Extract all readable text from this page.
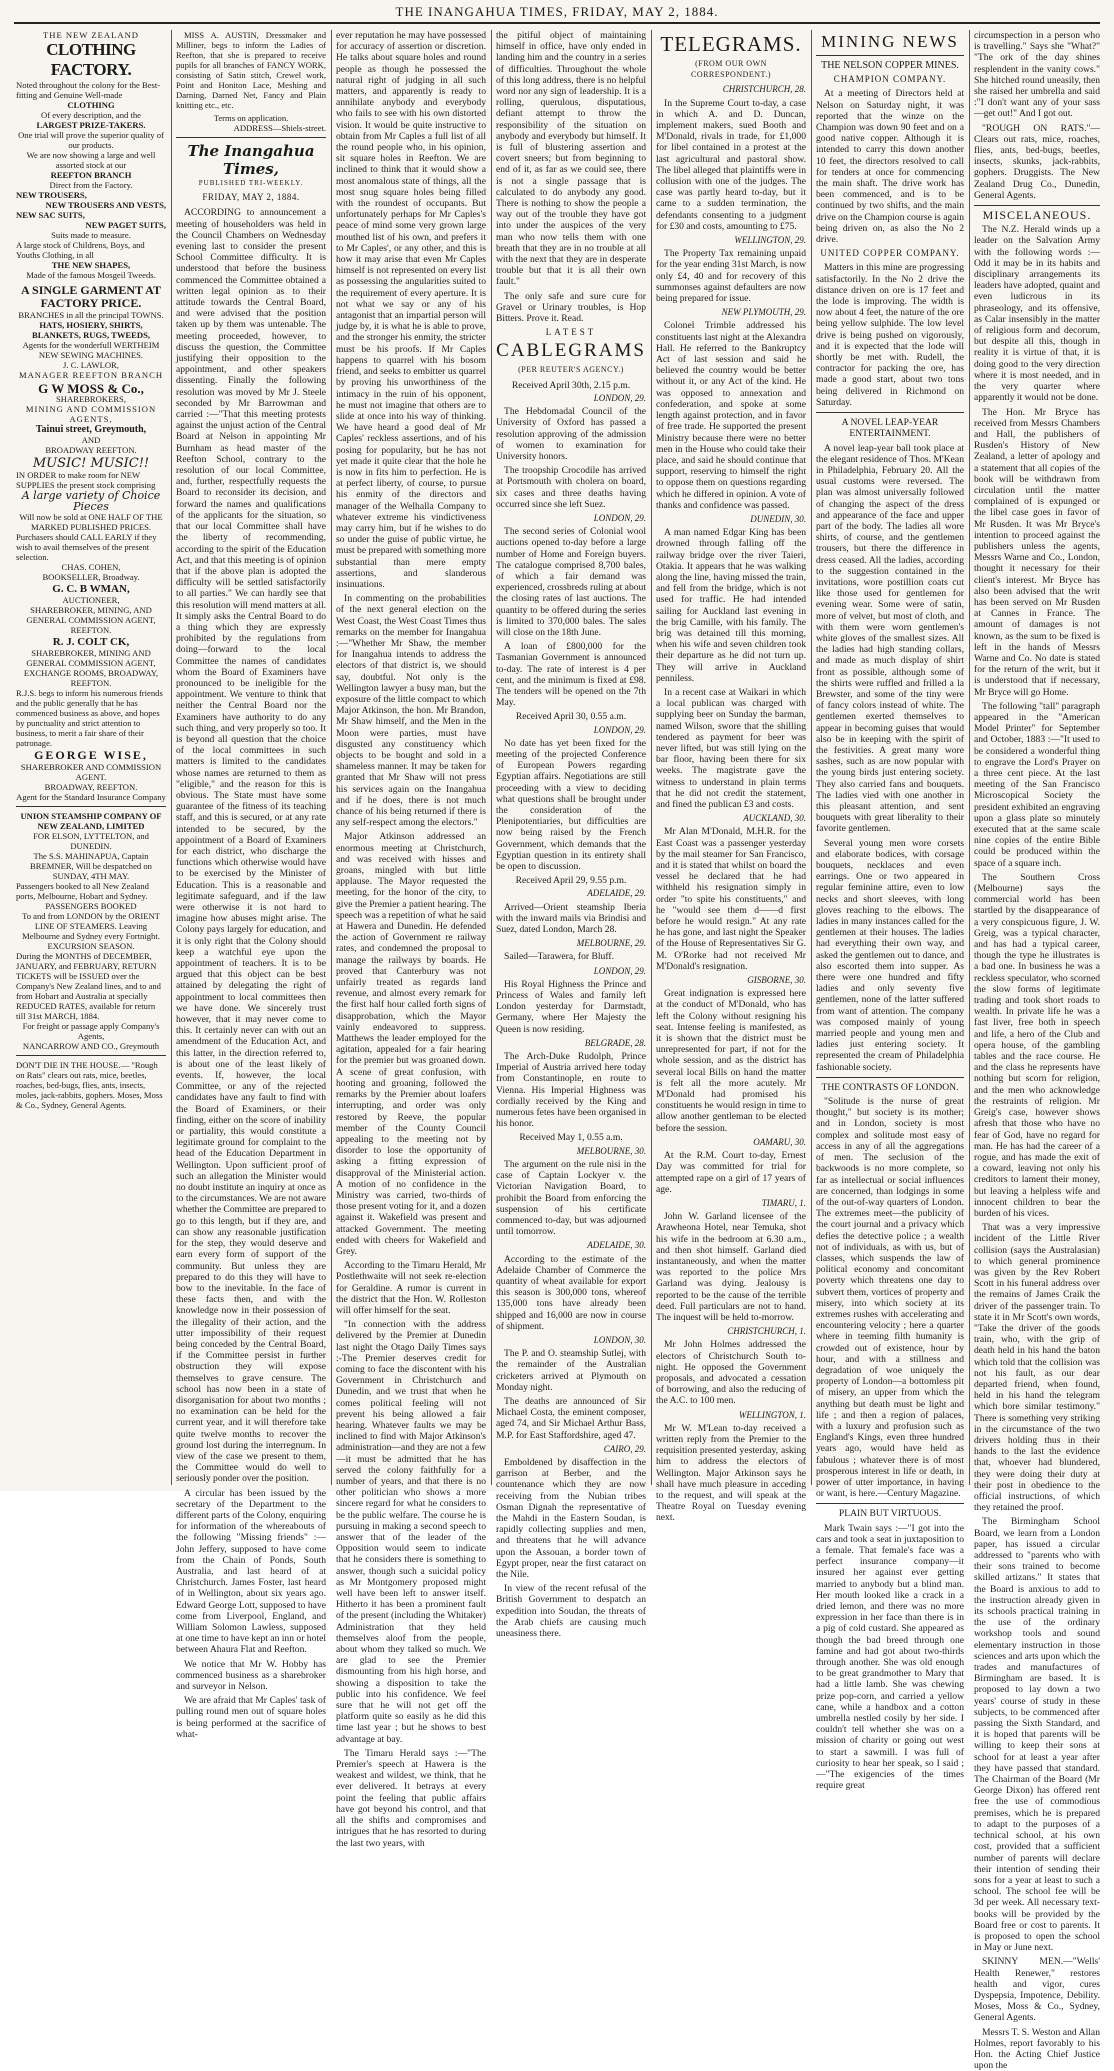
THE INANGAHUA TIMES, FRIDAY, MAY 2, 1884.
THE NEW ZEALAND
CLOTHING FACTORY.
Noted throughout the colony for the Best-fitting and Genuine Well-made
CLOTHING
Of every description, and the
LARGEST PRIZE-TAKERS.
One trial will prove the superior quality of our products.
We are now showing a large and well assorted stock at our
REEFTON BRANCH
Direct from the Factory.
NEW TROUSERS,
NEW TROUSERS AND VESTS,
NEW SAC SUITS,
NEW PAGET SUITS,
Suits made to measure.
A large stock of Childrens, Boys, and Youths Clothing, in all
THE NEW SHAPES,
Made of the famous Mosgeil Tweeds.
A SINGLE GARMENT AT FACTORY PRICE.
BRANCHES in all the principal TOWNS.
HATS, HOSIERY, SHIRTS, BLANKETS, RUGS, TWEEDS,
Agents for the wonderfull WERTHEIM NEW SEWING MACHINES.
J. C. LAWLOR,
MANAGER REEFTON BRANCH
G W MOSS & Co.,
SHAREBROKERS,
MINING AND COMMISSION AGENTS,
Tainui street, Greymouth,
AND
BROADWAY REEFTON.
MUSIC! MUSIC!!
IN ORDER to make room for NEW SUPPLIES the present stock comprising
A large variety of Choice Pieces
Will now be sold at ONE HALF OF THE MARKED PUBLISHED PRICES.
Purchasers should CALL EARLY if they wish to avail themselves of the present selection.
CHAS. COHEN,
BOOKSELLER, Broadway.
G. C. B WMAN,
AUCTIONEER,
SHAREBROKER, MINING, AND GENERAL COMMISSION AGENT, REEFTON.
R. J. COLT CK,
SHAREBROKER, MINING AND GENERAL COMMISSION AGENT,
EXCHANGE ROOMS, BROADWAY, REEFTON.
R.J.S. begs to inform his numerous friends and the public generally that he has commenced business as above, and hopes by punctuality and strict attention to business, to merit a fair share of their patronage.
GEORGE WISE,
SHAREBROKER AND COMMISSION AGENT.
BROADWAY, REEFTON.
Agent for the Standard Insurance Company
UNION STEAMSHIP COMPANY OF NEW ZEALAND, LIMITED
FOR ELSON, LYTTELTON, and DUNEDIN.
The S.S. MAHINAPUA, Captain BREMNER, Will be despatched on SUNDAY, 4TH MAY.
Passengers booked to all New Zealand ports, Melbourne, Hobart and Sydney.
PASSENGERS BOOKED
To and from LONDON by the ORIENT LINE OF STEAMERS. Leaving Melbourne and Sydney every Fortnight.
EXCURSION SEASON.
During the MONTHS of DECEMBER, JANUARY, and FEBRUARY, RETURN TICKETS will be ISSUED over the Company's New Zealand lines, and to and from Hobart and Australia at specially REDUCED RATES, available for return till 31st MARCH, 1884.
For freight or passage apply Company's Agents,
NANCARROW AND CO., Greymouth
DON'T DIE IN THE HOUSE.— "Rough on Rats" clears out rats, mice, beetles, roaches, bed-bugs, flies, ants, insects, moles, jack-rabbits, gophers. Moses, Moss & Co., Sydney, General Agents.

MISS A. AUSTIN, Dressmaker and Milliner, begs to inform the Ladies of Reefton, that she is prepared to receive pupils for all branches of FANCY WORK, consisting of Satin stitch, Crewel work, Point and Honiton Lace, Meshing and Darning, Darned Net, Fancy and Plain knitting etc., etc.

Terms on application.
ADDRESS—Shiels-street.
The Inangahua Times,
PUBLISHED TRI-WEEKLY.
FRIDAY, MAY 2, 1884.

ACCORDING to announcement a meeting of householders was held in the Council Chambers on Wednesday evening last to consider the present School Committee difficulty. It is understood that before the business commenced the Committee obtained a written legal opinion as to their attitude towards the Central Board, and were advised that the position taken up by them was untenable. The meeting proceeded, however, to discuss the question, the Committee justifying their opposition to the appointment, and other speakers dissenting. Finally the following resolution was moved by Mr J. Steele seconded by Mr Barrowman and carried :—"That this meeting protests against the unjust action of the Central Board at Nelson in appointing Mr Burnham as head master of the Reefton School, contrary to the resolution of our local Committee, and, further, respectfully requests the Board to reconsider its decision, and forward the names and qualifications of the applicants for the situation, so that our local Committee shall have the liberty of recommending, according to the spirit of the Education Act, and that this meeting is of opinion that if the above plan is adopted the difficulty will be settled satisfactorily to all parties." We can hardly see that this resolution will mend matters at all. It simply asks the Central Board to do a thing which they are expressly prohibited by the regulations from doing—forward to the local Committee the names of candidates whom the Board of Examiners have pronounced to be ineligible for the appointment. We venture to think that neither the Central Board nor the Examiners have authority to do any such thing, and very properly so too. It is beyond all question that the choice of the local committees in such matters is limited to the candidates whose names are returned to them as "eligible," and the reason for this is obvious. The State must have some guarantee of the fitness of its teaching staff, and this is secured, or at any rate intended to be secured, by the appointment of a Board of Examiners for each district, who discharge the functions which otherwise would have to be exercised by the Minister of Education. This is a reasonable and legitimate safeguard, and if the law were otherwise it is not hard to imagine how abuses might arise. The Colony pays largely for education, and it is only right that the Colony should keep a watchful eye upon the appointment of teachers. It is to be argued that this object can be best attained by delegating the right of appointment to local committees then we have done. We sincerely trust however, that it may never come to this. It certainly never can with out an amendment of the Education Act, and this latter, in the direction referred to, is about one of the least likely of events. If, however, the local Committee, or any of the rejected candidates have any fault to find with the Board of Examiners, or their finding, either on the score of inability or partiality, this would constitute a legitimate ground for complaint to the head of the Education Department in Wellington. Upon sufficient proof of such an allegation the Minister would no doubt institute an inquiry at once as to the circumstances. We are not aware whether the Committee are prepared to go to this length, but if they are, and can show any reasonable justification for the step, they would deserve and earn every form of support of the community. But unless they are prepared to do this they will have to bow to the inevitable. In the face of these facts then, and with the knowledge now in their possession of the illegality of their action, and the utter impossibility of their request being conceded by the Central Board, if the Committee persist in further obstruction they will expose themselves to grave censure. The school has now been in a state of disorganisation for about two months ; no examination can be held for the current year, and it will therefore take quite twelve months to recover the ground lost during the interregnum. In view of the case we present to them, the Committee would do well to seriously ponder over the position.

A circular has been issued by the secretary of the Department to the different parts of the Colony, enquiring for information of the whereabouts of the following "Missing friends" :—John Jeffery, supposed to have come from the Chain of Ponds, South Australia, and last heard of at Christchurch. James Foster, last heard of in Wellington, about six years ago. Edward George Lott, supposed to have come from Liverpool, England, and William Solomon Lawless, supposed at one time to have kept an inn or hotel between Ahaura Flat and Reefton.

We notice that Mr W. Hobby has commenced business as a sharebroker and surveyor in Nelson.

We are afraid that Mr Caples' task of pulling round men out of square holes is being performed at the sacrifice of what-

ever reputation he may have possessed for accuracy of assertion or discretion. He talks about square holes and round people as though he possessed the natural right of judging in all such matters, and apparently is ready to annihilate anybody and everybody who fails to see with his own distorted vision. It would be quite instructive to obtain from Mr Caples a full list of all the round people who, in his opinion, sit square holes in Reefton. We are inclined to think that it would show a most anomalous state of things, all the most snug square holes being filled with the roundest of occupants. But unfortunately perhaps for Mr Caples's peace of mind some very grown large mouthed list of his own, and prefers it to Mr Caples', or any other, and this is how it may arise that even Mr Caples himself is not represented on every list as possessing the angularities suited to the requirement of every aperture. It is not what we say or any of his antagonist that an impartial person will judge by, it is what he is able to prove, and the stronger his enmity, the stricter must be his proofs. If Mr Caples happens to quarrel with his bosom friend, and seeks to embitter us quarrel by proving his unworthiness of the intimacy in the ruin of his opponent, he must not imagine that others are to slide at once into his way of thinking. We have heard a good deal of Mr Caples' reckless assertions, and of his posing for popularity, but he has not yet made it quite clear that the hole he is now in fits him to perfection. He is at perfect liberty, of course, to pursue his enmity of the directors and manager of the Welhalla Company to whatever extreme his vindictiveness may carry him, but if he wishes to do so under the guise of public virtue, he must be prepared with something more substantial than mere empty assertions, and slanderous insinuations.

In commenting on the probabilities of the next general election on the West Coast, the West Coast Times thus remarks on the member for Inangahua :—"Whether Mr Shaw, the member for Inangahua intends to address the electors of that district is, we should say, doubtful. Not only is the Wellington lawyer a busy man, but the exposure of the little compact to which Major Atkinson, the hon. Mr Brandon, Mr Shaw himself, and the Men in the Moon were parties, must have disgusted any constituency which objects to be bought and sold in a shameless manner. It may be taken for granted that Mr Shaw will not press his services again on the Inangahua and if he does, there is not much chance of his being returned if there is any self-respect among the electors."

Major Atkinson addressed an enormous meeting at Christchurch, and was received with hisses and groans, mingled with but little applause. The Mayor requested the meeting, for the honor of the city, to give the Premier a patient hearing. The speech was a repetition of what he said at Hawera and Dunedin. He defended the action of Government re railway rates, and condemned the proposal to manage the railways by boards. He proved that Canterbury was not unfairly treated as regards land revenue, and almost every remark for the first half hour called forth signs of disapprobation, which the Mayor vainly endeavored to suppress. Matthews the leader employed for the agitation, appealed for a fair hearing for the premier but was groaned down. A scene of great confusion, with hooting and groaning, followed the remarks by the Premier about loafers interrupting, and order was only restored by Reeve, the popular member of the County Council appealing to the meeting not by disorder to lose the opportunity of asking a fitting expression of disapproval of the Ministerial action. A motion of no confidence in the Ministry was carried, two-thirds of those present voting for it, and a dozen against it. Wakefield was present and attacked Government. The meeting ended with cheers for Wakefield and Grey.

According to the Timaru Herald, Mr Postlethwaite will not seek re-election for Geraldine. A rumor is current in the district that the Hon. W. Rolleston will offer himself for the seat.

"In connection with the address delivered by the Premier at Dunedin last night the Otago Daily Times says :-The Premier deserves credit for coming to face the discontent with his Government in Christchurch and Dunedin, and we trust that when he comes political feeling will not prevent his being allowed a fair hearing. Whatever faults we may be inclined to find with Major Atkinson's administration—and they are not a few—it must be admitted that he has served the colony faithfully for a number of years, and that there is no other politician who shows a more sincere regard for what he considers to be the public welfare. The course he is pursuing in making a second speech to answer that of the leader of the Opposition would seem to indicate that he considers there is something to answer, though such a suicidal policy as Mr Montgomery proposed might well have been left to answer itself. Hitherto it has been a prominent fault of the present (including the Whitaker) Administration that they held themselves aloof from the people, about whom they talked so much. We are glad to see the Premier dismounting from his high horse, and showing a disposition to take the public into his confidence. We feel sure that he will not get off the platform quite so easily as he did this time last year ; but he shows to best advantage at bay.

The Timaru Herald says :—"The Premier's speech at Hawera is the weakest and wildest, we think, that he ever delivered. It betrays at every point the feeling that public affairs have got beyond his control, and that all the shifts and compromises and intrigues that he has resorted to during the last two years, with

the pitiful object of maintaining himself in office, have only ended in landing him and the country in a series of difficulties. Throughout the whole of this long address, there is no helpful word nor any sign of leadership. It is a rolling, querulous, disputatious, defiant attempt to throw the responsibility of the situation on anybody and everybody but himself. It is full of blustering assertion and covert sneers; but from beginning to end of it, as far as we could see, there is not a single passage that is calculated to do anybody any good. There is nothing to show the people a way out of the trouble they have got into under the auspices of the very man who now tells them with one breath that they are in no trouble at all with the next that they are in desperate trouble but that it is all their own fault."

The only safe and sure cure for Gravel or Urinary troubles, is Hop Bitters. Prove it. Read.

LATEST
CABLEGRAMS
(PER REUTER'S AGENCY.)
Received April 30th, 2.15 p.m.
LONDON, 29.

The Hebdomadal Council of the University of Oxford has passed a resolution approving of the admission of women to examination for University honors.

The troopship Crocodile has arrived at Portsmouth with cholera on board, six cases and three deaths having occurred since she left Suez.

LONDON, 29.

The second series of Colonial wool auctions opened to-day before a large number of Home and Foreign buyers. The catalogue comprised 8,700 bales, of which a fair demand was experienced, crossbreds ruling at about the closing rates of last auctions. The quantity to be offered during the series is limited to 370,000 bales. The sales will close on the 18th June.

A loan of £800,000 for the Tasmanian Government is announced to-day. The rate of interest is 4 per cent, and the minimum is fixed at £98. The tenders will be opened on the 7th May.

Received April 30, 0.55 a.m.
LONDON, 29.

No date has yet been fixed for the meeting of the projected Conference of European Powers regarding Egyptian affairs. Negotiations are still proceeding with a view to deciding what questions shall be brought under the consideration of the Plenipotentiaries, but difficulties are now being raised by the French Government, which demands that the Egyptian question in its entirety shall be open to discussion.

Received April 29, 9.55 p.m.
ADELAIDE, 29.

Arrived—Orient steamship Iberia with the inward mails via Brindisi and Suez, dated London, March 28.

MELBOURNE, 29.

Sailed—Tarawera, for Bluff.

LONDON, 29.

His Royal Highness the Prince and Princess of Wales and family left London yesterday for Darmstadt, Germany, where Her Majesty the Queen is now residing.

BELGRADE, 28.

The Arch-Duke Rudolph, Prince Imperial of Austria arrived here today from Constantinople, en route to Vienna. His Imperial Highness was cordially received by the King and numerous fetes have been organised in his honor.

Received May 1, 0.55 a.m.
MELBOURNE, 30.

The argument on the rule nisi in the case of Captain Lockyer v. the Victorian Navigation Board, to prohibit the Board from enforcing the suspension of his certificate commenced to-day, but was adjourned until tomorrow.

ADELAIDE, 30.

According to the estimate of the Adelaide Chamber of Commerce the quantity of wheat available for export this season is 300,000 tons, whereof 135,000 tons have already been shipped and 16,000 are now in course of shipment.

LONDON, 30.

The P. and O. steamship Sutlej, with the remainder of the Australian cricketers arrived at Plymouth on Monday night.

The deaths are announced of Sir Michael Costa, the eminent composer, aged 74, and Sir Michael Arthur Bass, M.P. for East Staffordshire, aged 47.

CAIRO, 29.

Emboldened by disaffection in the garrison at Berber, and the countenance which they are now receiving from the Nubian tribes Osman Dignah the representative of the Mahdi in the Eastern Soudan, is rapidly collecting supplies and men, and threatens that he will advance upon the Assouan, a border town of Egypt proper, near the first cataract on the Nile.

In view of the recent refusal of the British Government to despatch an expedition into Soudan, the threats of the Arab chiefs are causing much uneasiness there.

TELEGRAMS.
(FROM OUR OWN CORRESPONDENT.)
CHRISTCHURCH, 28.

In the Supreme Court to-day, a case in which A. and D. Duncan, implement makers, sued Booth and M'Donald, rivals in trade, for £1,000 for libel contained in a protest at the last agricultural and pastoral show. The libel alleged that plaintiffs were in collusion with one of the judges. The case was partly heard to-day, but it came to a sudden termination, the defendants consenting to a judgment for £30 and costs, amounting to £75.

WELLINGTON, 29.

The Property Tax remaining unpaid for the year ending 31st March, is now only £4, 40 and for recovery of this summonses against defaulters are now being prepared for issue.

NEW PLYMOUTH, 29.

Colonel Trimble addressed his constituents last night at the Alexandra Hall. He referred to the Bankruptcy Act of last session and said he believed the country would be better without it, or any Act of the kind. He was opposed to annexation and confederation, and spoke at some length against protection, and in favor of free trade. He supported the present Ministry because there were no better men in the House who could take their place, and said he should continue that support, reserving to himself the right to oppose them on questions regarding which he differed in opinion. A vote of thanks and confidence was passed.

DUNEDIN, 30.

A man named Edgar King has been drowned through falling off the railway bridge over the river Taieri, Otakia. It appears that he was walking along the line, having missed the train, and fell from the bridge, which is not used for traffic. He had intended sailing for Auckland last evening in the brig Camille, with his family. The brig was detained till this morning, when his wife and seven children took their departure as he did not turn up. They will arrive in Auckland penniless.

In a recent case at Waikari in which a local publican was charged with supplying beer on Sunday the barman, named Wilson, swore that the shilling tendered as payment for beer was never lifted, but was still lying on the bar floor, having been there for six weeks. The magistrate gave the witness to understand in plain terms that he did not credit the statement, and fined the publican £3 and costs.

AUCKLAND, 30.

Mr Alan M'Donald, M.H.R. for the East Coast was a passenger yesterday by the mail steamer for San Francisco, and it is stated that whilst on board the vessel he declared that he had withheld his resignation simply in order "to spite his constituents," and he "would see them d——d first before he would resign." At any rate he has gone, and last night the Speaker of the House of Representatives Sir G. M. O'Rorke had not received Mr M'Donald's resignation.

GISBORNE, 30.

Great indignation is expressed here at the conduct of M'Donald, who has left the Colony without resigning his seat. Intense feeling is manifested, as it is shown that the district must be unrepresented for part, if not for the whole session, and as the district has several local Bills on hand the matter is felt all the more acutely. Mr M'Donald had promised his constituents he would resign in time to allow another gentleman to be elected before the session.

OAMARU, 30.

At the R.M. Court to-day, Ernest Day was committed for trial for attempted rape on a girl of 17 years of age.

TIMARU, 1.

John W. Garland licensee of the Arawheona Hotel, near Temuka, shot his wife in the bedroom at 6.30 a.m., and then shot himself. Garland died instantaneously, and when the matter was reported to the police Mrs Garland was dying. Jealousy is reported to be the cause of the terrible deed. Full particulars are not to hand. The inquest will be held to-morrow.

CHRISTCHURCH, 1.

Mr John Holmes addressed the electors of Christchurch South to-night. He opposed the Government proposals, and advocated a cessation of borrowing, and also the reducing of the A.C. to 100 men.

WELLINGTON, 1.

Mr W. M'Lean to-day received a written reply from the Premier to the requisition presented yesterday, asking him to address the electors of Wellington. Major Atkinson says he shall have much pleasure in acceding to the request, and will speak at the Theatre Royal on Tuesday evening next.

MINING NEWS
THE NELSON COPPER MINES.
CHAMPION COMPANY.

At a meeting of Directors held at Nelson on Saturday night, it was reported that the winze on the Champion was down 90 feet and on a good native copper. Although it is intended to carry this down another 10 feet, the directors resolved to call for tenders at once for commencing the main shaft. The drive work has been commenced, and is to be continued by two shifts, and the main drive on the Champion course is again being driven on, as also the No 2 drive.

UNITED COPPER COMPANY.

Matters in this mine are progressing satisfactorily. In the No 2 drive the distance driven on ore is 17 feet and the lode is improving. The width is now about 4 feet, the nature of the ore being yellow sulphide. The low level drive is being pushed on vigorously, and it is expected that the lode will shortly be met with. Rudell, the contractor for packing the ore, has made a good start, about two tons being delivered in Richmond on Saturday.

A NOVEL LEAP-YEAR ENTERTAINMENT.

A novel leap-year ball took place at the elegant residence of Thos. M'Kean in Philadelphia, February 20. All the usual customs were reversed. The plan was almost universally followed of changing the aspect of the dress and appearance of the face and upper part of the body. The ladies all wore shirts, of course, and the gentlemen trousers, but there the difference in dress ceased. All the ladies, according to the suggestion contained in the invitations, wore postillion coats cut like those used for gentlemen for evening wear. Some were of satin, more of velvet, but most of cloth, and with them were worn gentlemen's white gloves of the smallest sizes. All the ladies had high standing collars, and made as much display of shirt front as possible, although some of the shirts were ruffled and frilled a la Brewster, and some of the tiny were of fancy colors instead of white. The gentlemen exerted themselves to appear in becoming guises that would also be in keeping with the spirit of the festivities. A great many wore sashes, such as are now popular with the young birds just entering society. They also carried fans and bouquets. The ladies vied with one another in this pleasant attention, and sent bouquets with great liberality to their favorite gentlemen.

Several young men wore corsets and elaborate bodices, with corsage bouquets, necklaces and even earrings. One or two appeared in regular feminine attire, even to low necks and short sleeves, with long gloves reaching to the elbows. The ladies in many instances called for the gentlemen at their houses. The ladies had everything their own way, and asked the gentlemen out to dance, and also escorted them into supper. As there were one hundred and fifty ladies and only seventy five gentlemen, none of the latter suffered from want of attention. The company was composed mainly of young married people and young men and ladies just entering society. It represented the cream of Philadelphia fashionable society.

THE CONTRASTS OF LONDON.

"Solitude is the nurse of great thought," but society is its mother; and in London, society is most complex and solitude most easy of access in any of all the aggregations of men. The seclusion of the backwoods is no more complete, so far as intellectual or social influences are concerned, than lodgings in some of the out-of-way quarters of London. The extremes meet—the publicity of the court journal and a privacy which defies the detective police ; a wealth not of individuals, as with us, but of classes, which suspends the law of political economy and concomitant poverty which threatens one day to subvert them, vortices of property and misery, into which society at its extremes rushes with accelerating and encountering velocity ; here a quarter where in teeming filth humanity is crowded out of existence, hour by hour, and with a stillness and degradation of woe uniquely the property of London—a bottomless pit of misery, an upper from which the anything but death must be light and life ; and then a region of palaces, with a luxury and profusion such as England's Kings, even three hundred years ago, would have held as fabulous ; whatever there is of most prosperous interest in life or death, in power of utter importance, in having or want, is here.—Century Magazine.

PLAIN BUT VIRTUOUS.

Mark Twain says :—"I got into the cars and took a seat in juxtaposition to a female. That female's face was a perfect insurance company—it insured her against ever getting married to anybody but a blind man. Her mouth looked like a crack in a dried lemon, and there was no more expression in her face than there is in a pig of cold custard. She appeared as though the bad breed through one famine and had got about two-thirds through another. She was old enough to be great grandmother to Mary that had a little lamb. She was chewing prize pop-corn, and carried a yellow cane, while a handbox and a cotton umbrella nestled cosily by her side. I couldn't tell whether she was on a mission of charity or going out west to start a sawmill. I was full of curiosity to hear her speak, so I said ;—"The exigencies of the times require great

circumspection in a person who is travelling." Says she "What?" "The ork of the day shines resplendent in the vanity cows." She hitched round uneasily, then she raised her umbrella and said :"I don't want any of your sass—get out!" And I got out.

"ROUGH ON RATS."—Clears out rats, mice, roaches, flies, ants, bed-bugs, beetles, insects, skunks, jack-rabbits, gophers. Druggists. The New Zealand Drug Co., Dunedin, General Agents.

MISCELANEOUS.

The N.Z. Herald winds up a leader on the Salvation Army with the following words :—Odd it may be in its habits and disciplinary arrangements its leaders have adopted, quaint and even ludicrous in its phraseology, and its offensive, as Calar insensibly in the matter of religious form and decorum, but despite all this, though in reality it is virtue of that, it is doing good to the very direction where it is most needed, and in the very quarter where apparently it would not be done.

The Hon. Mr Bryce has received from Messrs Chambers and Hall, the publishers of Rusden's History of New Zealand, a letter of apology and a statement that all copies of the book will be withdrawn from circulation until the matter complained of is expunged or the libel case goes in favor of Mr Rusden. It was Mr Bryce's intention to proceed against the publishers unless the agents, Messrs Warne and Co., London, thought it necessary for their client's interest. Mr Bryce has also been advised that the writ has been served on Mr Rusden at Cannes in France. The amount of damages is not known, as the sum to be fixed is left in the hands of Messrs Warne and Co. No date is stated for the return of the writ, but it is understood that if necessary, Mr Bryce will go Home.

The following "tall" paragraph appeared in the "American Model Printer" for September and October, 1883 :—"It used to be considered a wonderful thing to engrave the Lord's Prayer on a three cent piece. At the last meeting of the San Francisco Microscopical Society the president exhibited an engraving upon a glass plate so minutely executed that at the same scale nine copies of the entire Bible could be produced within the space of a square inch.

The Southern Cross (Melbourne) says the commercial world has been startled by the disappearance of a very conspicuous figure, J. W. Greig, was a typical character, and has had a typical career, though the type he illustrates is a bad one. In business he was a reckless speculator, who scorned the slow forms of legitimate trading and took short roads to wealth. In private life he was a fast liver, free both in speech and life, a hero of the Club and opera house, of the gambling tables and the race course. He and the class he represents have nothing but scorn for religion, and the men who acknowledge the restraints of religion. Mr Greig's case, however shows afresh that those who have no fear of God, have no regard for man. He has had the career of a rogue, and has made the exit of a coward, leaving not only his creditors to lament their money, but leaving a helpless wife and innocent children to bear the burden of his vices.

That was a very impressive incident of the Little River collision (says the Australasian) to which general prominence was given by the Rev Robert Scott in his funeral address over the remains of James Craik the driver of the passenger train. To state it in Mr Scott's own words, "Take the driver of the goods train, who, with the grip of death held in his hand the baton which told that the collision was not his fault, as our dear departed friend, when found, held in his hand the telegram which bore similar testimony." There is something very striking in the circumstance of the two drivers holding thus in their hands to the last the evidence that, whoever had blundered, they were doing their duty at their post in obedience to the official instructions, of which they retained the proof.

The Birmingham School Board, we learn from a London paper, has issued a circular addressed to "parents who with their sons trained to become skilled artizans." It states that the Board is anxious to add to the instruction already given in its schools practical training in the use of the ordinary workshop tools and sound elementary instruction in those sciences and arts upon which the trades and manufactures of Birmingham are based. It is proposed to lay down a two years' course of study in these subjects, to be commenced after passing the Sixth Standard, and it is hoped that parents will be willing to keep their sons at school for at least a year after they have passed that standard. The Chairman of the Board (Mr George Dixon) has offered rent free the use of commodious premises, which he is prepared to adapt to the purposes of a technical school, at his own cost, provided that a sufficient number of parents will declare their intention of sending their sons for a year at least to such a school. The school fee will be 3d per week. All necessary text-books will be provided by the Board free or cost to parents. It is proposed to open the school in May or June next.

SKINNY MEN.—"Wells' Health Renewer," restores health and vigor, cures Dyspepsia, Impotence, Debility. Moses, Moss & Co., Sydney, General Agents.

Messrs T. S. Weston and Allan Holmes, report favorably to his Hon. the Acting Chief Justice upon the
